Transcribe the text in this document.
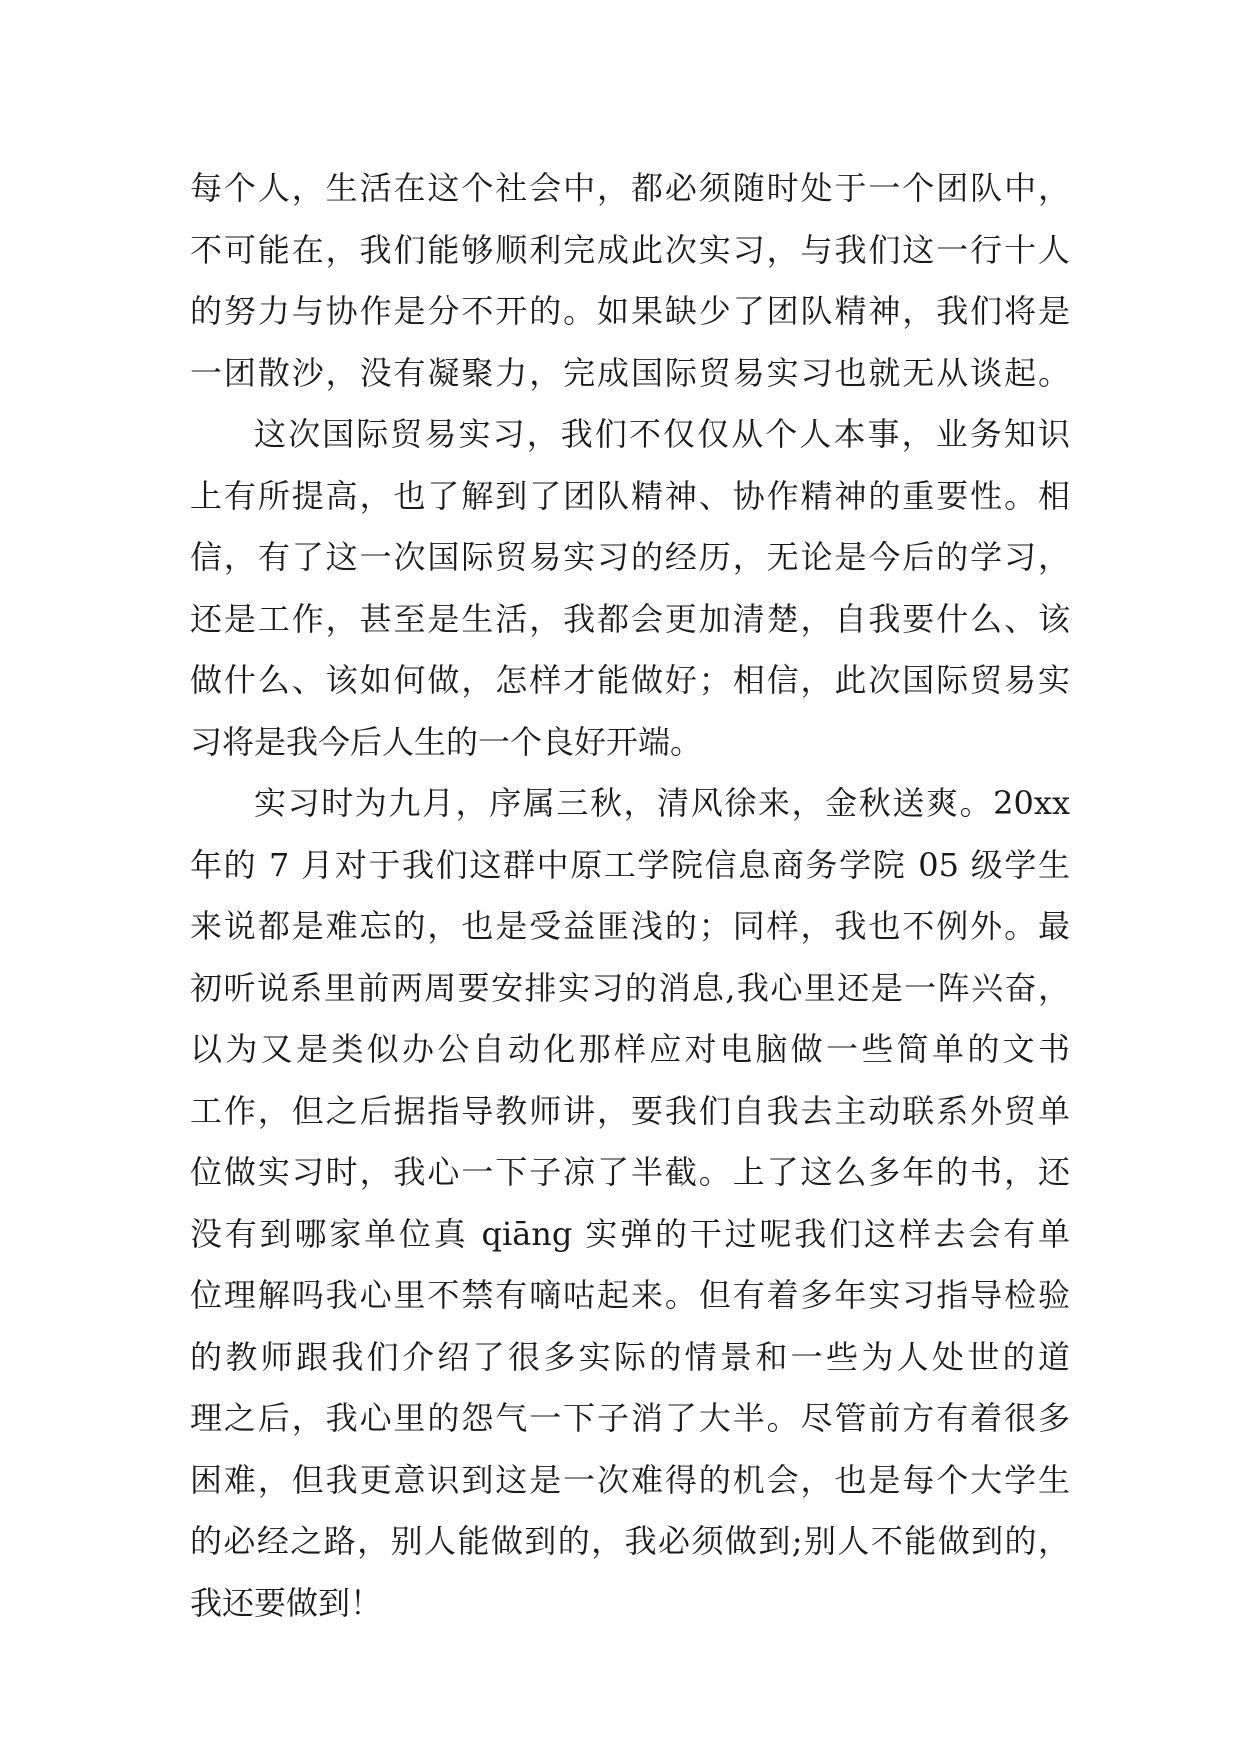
每个人，生活在这个社会中，都必须随时处于一个团队中，
不可能在，我们能够顺利完成此次实习，与我们这一行十人
的努力与协作是分不开的。如果缺少了团队精神，我们将是
一团散沙，没有凝聚力，完成国际贸易实习也就无从谈起。
这次国际贸易实习，我们不仅仅从个人本事，业务知识
上有所提高，也了解到了团队精神、协作精神的重要性。相
信，有了这一次国际贸易实习的经历，无论是今后的学习，
还是工作，甚至是生活，我都会更加清楚，自我要什么、该
做什么、该如何做，怎样才能做好；相信，此次国际贸易实
习将是我今后人生的一个良好开端。
实习时为九月，序属三秋，清风徐来，金秋送爽。20xx
年的 7 月对于我们这群中原工学院信息商务学院 05 级学生
来说都是难忘的，也是受益匪浅的；同样，我也不例外。最
初听说系里前两周要安排实习的消息,我心里还是一阵兴奋，
以为又是类似办公自动化那样应对电脑做一些简单的文书
工作，但之后据指导教师讲，要我们自我去主动联系外贸单
位做实习时，我心一下子凉了半截。上了这么多年的书，还
没有到哪家单位真 qiāng 实弹的干过呢我们这样去会有单
位理解吗我心里不禁有嘀咕起来。但有着多年实习指导检验
的教师跟我们介绍了很多实际的情景和一些为人处世的道
理之后，我心里的怨气一下子消了大半。尽管前方有着很多
困难，但我更意识到这是一次难得的机会，也是每个大学生
的必经之路，别人能做到的，我必须做到;别人不能做到的，
我还要做到！
